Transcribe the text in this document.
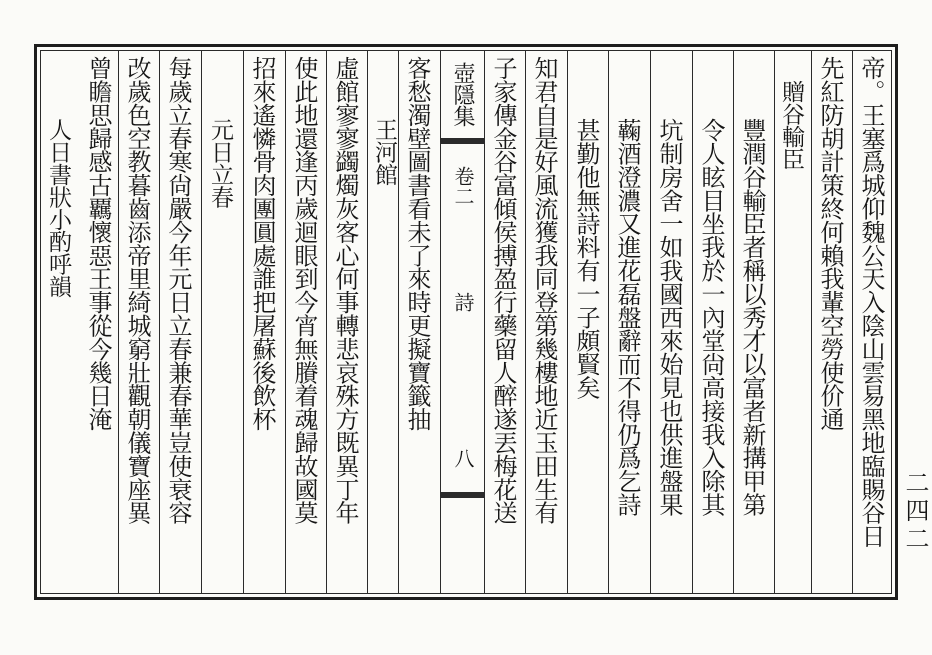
壺隱集
卷二
詩
八	帝。王塞爲城仰魏公天入陰山雲易黑地臨賜谷日
先紅防胡計策終何賴我輩空勞使价通
贈谷輸臣
豐潤谷輸臣者稱以秀才以富者新搆甲第
令人眩目坐我於一內堂尙高接我入除其
坑制房舍一如我國西來始見也供進盤果
蘜酒澄濃又進花磊盤辭而不得仍爲乞詩
甚勤他無詩料有一子頗賢矣
知君自是好風流獲我同登第幾樓地近玉田生有
子家傳金谷富傾侯搏盈行藥留人醉遂丟梅花送
客愁濁壁圖書看未了來時更擬寶籤抽
王河館
虛館寥寥蠲燭灰客心何事轉悲哀殊方既異丁年
使此地還逢丙歲迴眼到今宵無賸着魂歸故國莫
招來遙憐骨肉團圓處誰把屠蘇後飲杯
元日立春
每歲立春寒尙嚴今年元日立春兼春華豈使衰容
改歲色空教暮齒添帝里綺城窮壯觀朝儀寶座異
曾瞻思歸感古覊懷惡王事從今幾日淹
人日書狀小酌呼韻
二四二
